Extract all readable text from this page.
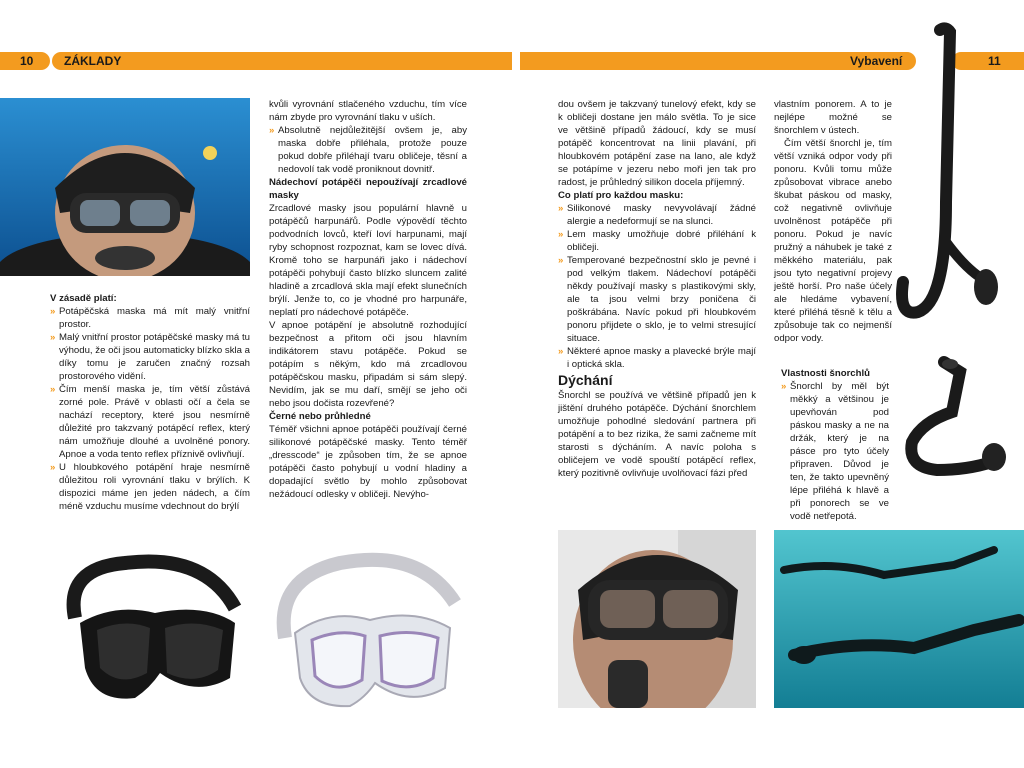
10	ZÁKLADY	Vybavení	11

V zásadě platí:

» Potápěčská maska má mít malý vnitřní prostor.
» Malý vnitřní prostor potápěčské masky má tu výhodu, že oči jsou automaticky blízko skla a díky tomu je zaručen značný rozsah prostorového vidění.
» Čím menší maska je, tím větší zůstává zorné pole. Právě v oblasti očí a čela se nachází receptory, které jsou nesmírně důležité pro takzvaný potápěcí reflex, který nám umožňuje dlouhé a uvolněné ponory. Apnoe a voda tento reflex příznivě ovlivňují.
» U hloubkového potápění hraje nesmírně důležitou roli vyrovnání tlaku v brýlích. K dispozici máme jen jeden nádech, a čím méně vzduchu musíme vdechnout do brýlí

kvůli vyrovnání stlačeného vzduchu, tím více nám zbyde pro vyrovnání tlaku v uších.

» Absolutně nejdůležitější ovšem je, aby maska dobře přiléhala, protože pouze pokud dobře přiléhají tvaru obličeje, těsní a nedovolí tak vodě proniknout dovnitř.

Nádechoví potápěči nepoužívají zrcadlové masky

Zrcadlové masky jsou populární hlavně u potápěčů harpunářů. Podle výpovědí těchto podvodních lovců, kteří loví harpunami, mají ryby schopnost rozpoznat, kam se lovec dívá. Kromě toho se harpunáři jako i nádechoví potápěči pohybují často blízko sluncem zalité hladině a zrcadlová skla mají efekt slunečních brýlí. Jenže to, co je vhodné pro harpunáře, neplatí pro nádechové potápěče.

V apnoe potápění je absolutně rozhodující bezpečnost a přitom oči jsou hlavním indikátorem stavu potápěče. Pokud se potápím s někým, kdo má zrcadlovou potápěčskou masku, připadám si sám slepý. Nevidím, jak se mu daří, smějí se jeho oči nebo jsou dočista rozevřené?

Černé nebo průhledné

Téměř všichni apnoe potápěči používají černé silikonové potápěčské masky. Tento téměř „dresscode“ je způsoben tím, že se apnoe potápěči často pohybují u vodní hladiny a dopadající světlo by mohlo způsobovat nežádoucí odlesky v obličeji. Nevýho-

dou ovšem je takzvaný tunelový efekt, kdy se k obličeji dostane jen málo světla. To je sice ve většině případů žádoucí, kdy se musí potápěč koncentrovat na linii plavání, při hloubkovém potápění zase na lano, ale když se potápíme v jezeru nebo moři jen tak pro radost, je průhledný silikon docela příjemný.

Co platí pro každou masku:

» Silikonové masky nevyvolávají žádné alergie a nedeformují se na slunci.
» Lem masky umožňuje dobré přiléhání k obličeji.
» Temperované bezpečnostní sklo je pevné i pod velkým tlakem. Nádechoví potápěči někdy používají masky s plastikovými skly, ale ta jsou velmi brzy poničena či poškrábána. Navíc pokud při hloubkovém ponoru přijdete o sklo, je to velmi stresující situace.
» Některé apnoe masky a plavecké brýle mají i optická skla.

Dýchání

Šnorchl se používá ve většině případů jen k jištění druhého potápěče. Dýchání šnorchlem umožňuje pohodlné sledování partnera při potápění a to bez rizika, že sami začneme mít starosti s dýcháním. A navíc poloha s obličejem ve vodě spouští potápěcí reflex, který pozitivně ovlivňuje uvolňovací fázi před

vlastním ponorem. A to je nejlépe možné se šnorchlem v ústech.

Čím větší šnorchl je, tím větší vzniká odpor vody při ponoru. Kvůli tomu může způsobovat vibrace anebo škubat páskou od masky, což negativně ovlivňuje uvolněnost potápěče při ponoru. Pokud je navíc pružný a náhubek je také z měkkého materiálu, pak jsou tyto negativní projevy ještě horší. Pro naše účely ale hledáme vybavení, které přiléhá těsně k tělu a způsobuje tak co nejmenší odpor vody.

Vlastnosti šnorchlů

» Šnorchl by měl být měkký a většinou je upevňován pod páskou masky a ne na držák, který je na pásce pro tyto účely připraven. Důvod je ten, že takto upevněný lépe přiléhá k hlavě a při ponorech se ve vodě netřepotá.
